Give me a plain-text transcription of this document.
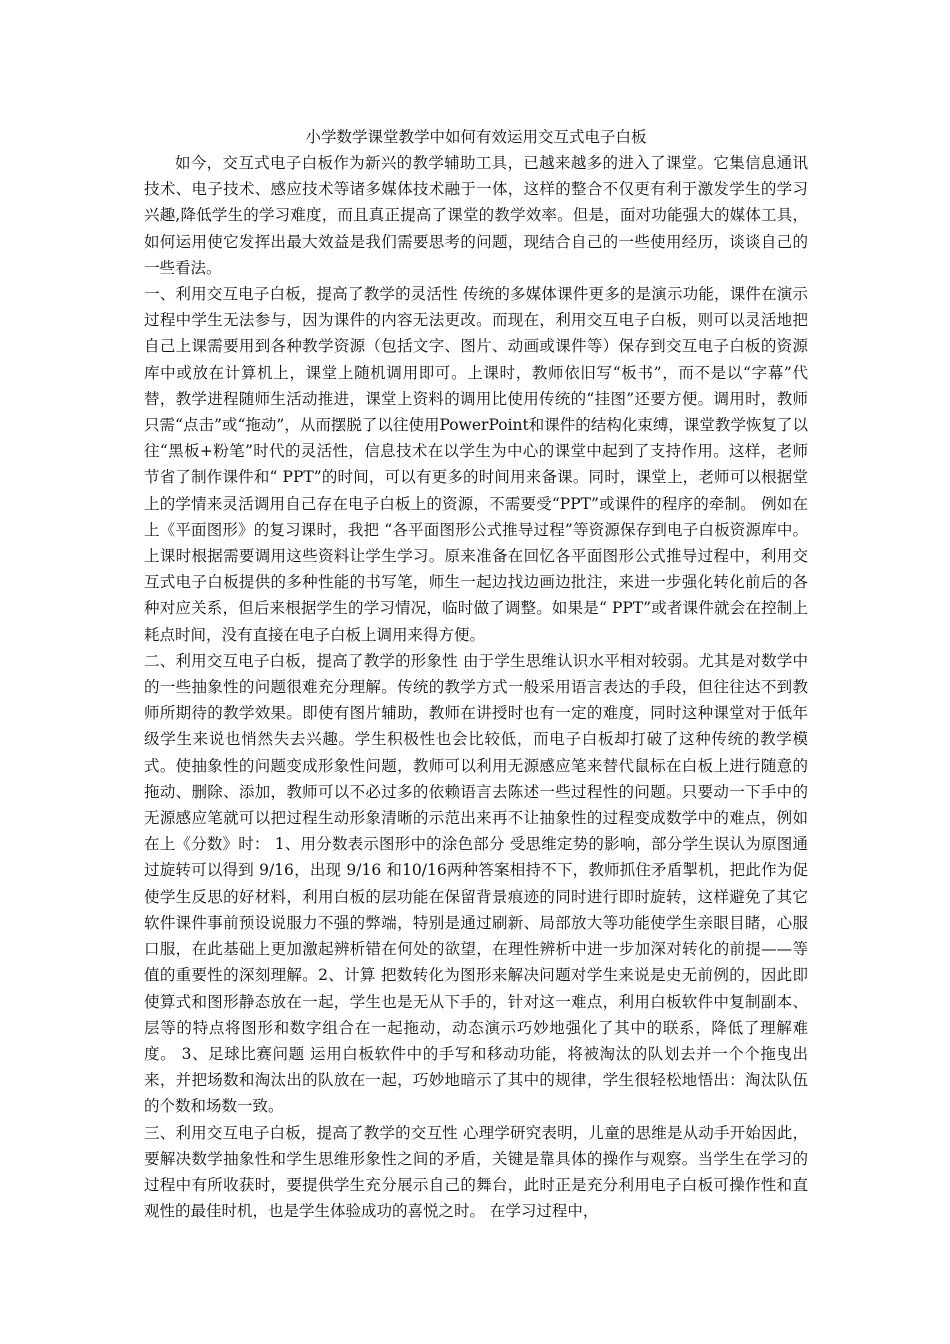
小学数学课堂教学中如何有效运用交互式电子白板

如今，交互式电子白板作为新兴的教学辅助工具，已越来越多的进入了课堂。它集信息通讯技术、电子技术、感应技术等诸多媒体技术融于一体，这样的整合不仅更有利于激发学生的学习兴趣,降低学生的学习难度，而且真正提高了课堂的教学效率。但是，面对功能强大的媒体工具，如何运用使它发挥出最大效益是我们需要思考的问题，现结合自己的一些使用经历，谈谈自己的一些看法。

一、利用交互电子白板，提高了教学的灵活性 传统的多媒体课件更多的是演示功能，课件在演示过程中学生无法参与，因为课件的内容无法更改。而现在，利用交互电子白板，则可以灵活地把自己上课需要用到各种教学资源（包括文字、图片、动画或课件等）保存到交互电子白板的资源库中或放在计算机上，课堂上随机调用即可。上课时，教师依旧写“板书”，而不是以“字幕”代替，教学进程随师生活动推进，课堂上资料的调用比使用传统的“挂图”还要方便。调用时，教师只需“点击”或“拖动”，从而摆脱了以往使用PowerPoint和课件的结构化束缚，课堂教学恢复了以往“黑板+粉笔”时代的灵活性，信息技术在以学生为中心的课堂中起到了支持作用。这样，老师节省了制作课件和“ PPT”的时间，可以有更多的时间用来备课。同时，课堂上，老师可以根据堂上的学情来灵活调用自己存在电子白板上的资源，不需要受“PPT”或课件的程序的牵制。 例如在上《平面图形》的复习课时，我把 “各平面图形公式推导过程”等资源保存到电子白板资源库中。上课时根据需要调用这些资料让学生学习。原来准备在回忆各平面图形公式推导过程中，利用交互式电子白板提供的多种性能的书写笔，师生一起边找边画边批注，来进一步强化转化前后的各种对应关系，但后来根据学生的学习情况，临时做了调整。如果是“ PPT”或者课件就会在控制上耗点时间，没有直接在电子白板上调用来得方便。

二、利用交互电子白板，提高了教学的形象性 由于学生思维认识水平相对较弱。尤其是对数学中的一些抽象性的问题很难充分理解。传统的教学方式一般采用语言表达的手段，但往往达不到教师所期待的教学效果。即使有图片辅助，教师在讲授时也有一定的难度，同时这种课堂对于低年级学生来说也悄然失去兴趣。学生积极性也会比较低，而电子白板却打破了这种传统的教学模式。使抽象性的问题变成形象性问题，教师可以利用无源感应笔来替代鼠标在白板上进行随意的拖动、删除、添加，教师可以不必过多的依赖语言去陈述一些过程性的问题。只要动一下手中的无源感应笔就可以把过程生动形象清晰的示范出来再不让抽象性的过程变成数学中的难点，例如在上《分数》时： 1、用分数表示图形中的涂色部分 受思维定势的影响，部分学生误认为原图通过旋转可以得到 9/16，出现 9/16 和10/16两种答案相持不下，教师抓住矛盾掣机，把此作为促使学生反思的好材料，利用白板的层功能在保留背景痕迹的同时进行即时旋转，这样避免了其它软件课件事前预设说服力不强的弊端，特别是通过刷新、局部放大等功能使学生亲眼目睹，心服口服，在此基础上更加激起辨析错在何处的欲望，在理性辨析中进一步加深对转化的前提——等值的重要性的深刻理解。2、计算 把数转化为图形来解决问题对学生来说是史无前例的，因此即使算式和图形静态放在一起，学生也是无从下手的，针对这一难点，利用白板软件中复制副本、层等的特点将图形和数字组合在一起拖动，动态演示巧妙地强化了其中的联系，降低了理解难度。 3、足球比赛问题 运用白板软件中的手写和移动功能，将被淘汰的队划去并一个个拖曳出来，并把场数和淘汰出的队放在一起，巧妙地暗示了其中的规律，学生很轻松地悟出：淘汰队伍的个数和场数一致。

三、利用交互电子白板，提高了教学的交互性 心理学研究表明，儿童的思维是从动手开始因此，要解决数学抽象性和学生思维形象性之间的矛盾，关键是靠具体的操作与观察。当学生在学习的过程中有所收获时，要提供学生充分展示自己的舞台，此时正是充分利用电子白板可操作性和直观性的最佳时机，也是学生体验成功的喜悦之时。 在学习过程中，
